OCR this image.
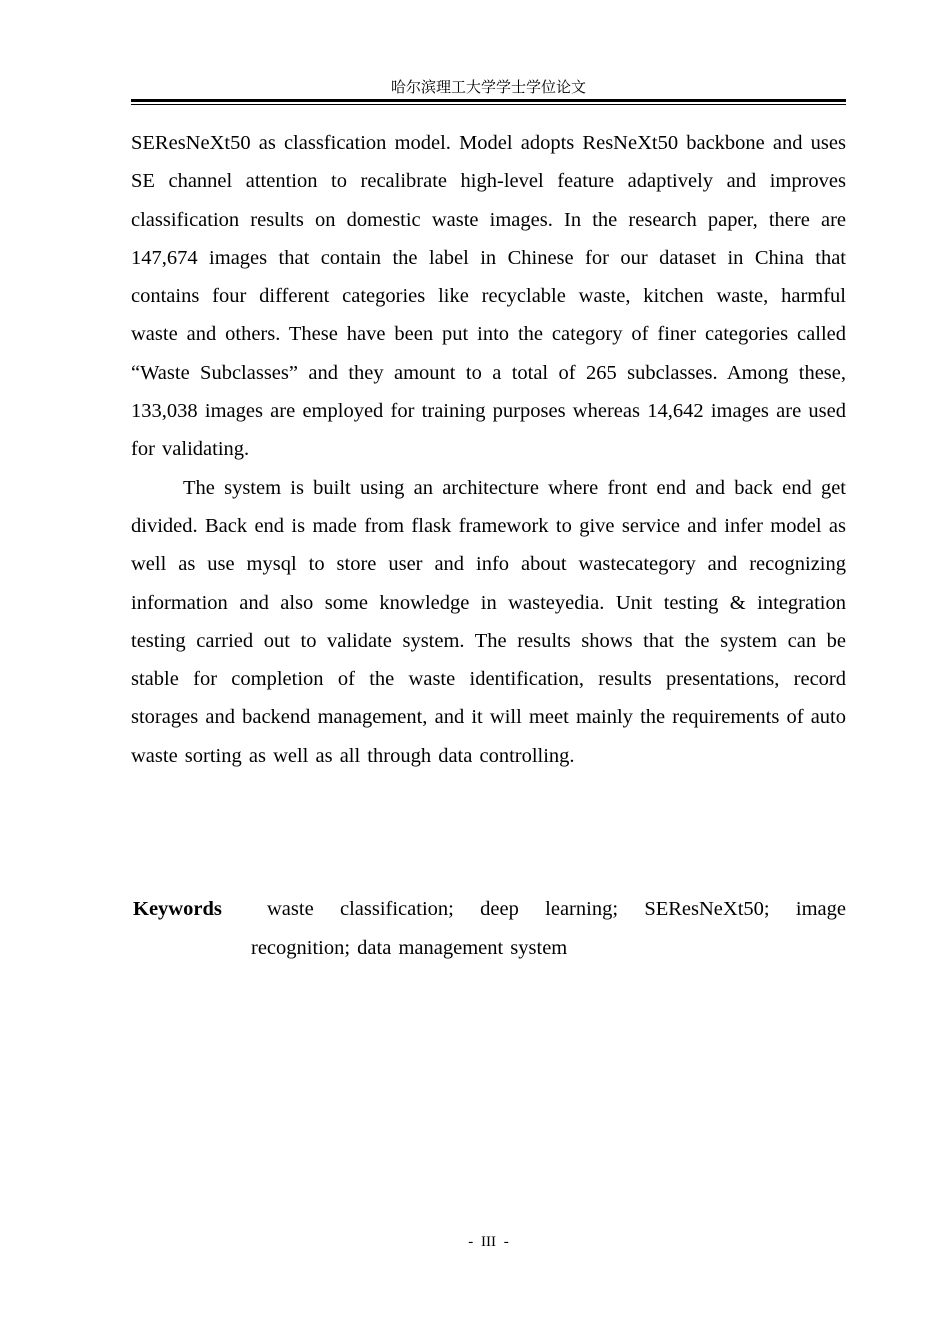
哈尔滨理工大学学士学位论文

SEResNeXt50 as classfication model. Model adopts ResNeXt50 backbone and uses SE channel attention to recalibrate high-level feature adaptively and improves classification results on domestic waste images. In the research paper, there are 147,674 images that contain the label in Chinese for our dataset in China that contains four different categories like recyclable waste, kitchen waste, harmful waste and others. These have been put into the category of finer categories called “Waste Subclasses” and they amount to a total of 265 subclasses. Among these, 133,038 images are employed for training purposes whereas 14,642 images are used for validating.

The system is built using an architecture where front end and back end get divided. Back end is made from flask framework to give service and infer model as well as use mysql to store user and info about wastecategory and recognizing information and also some knowledge in wasteyedia. Unit testing & integration testing carried out to validate system. The results shows that the system can be stable for completion of the waste identification, results presentations, record storages and backend management, and it will meet mainly the requirements of auto waste sorting as well as all through data controlling.

Keywords	waste classification; deep learning; SEResNeXt50; image recognition; data management system
- III -
